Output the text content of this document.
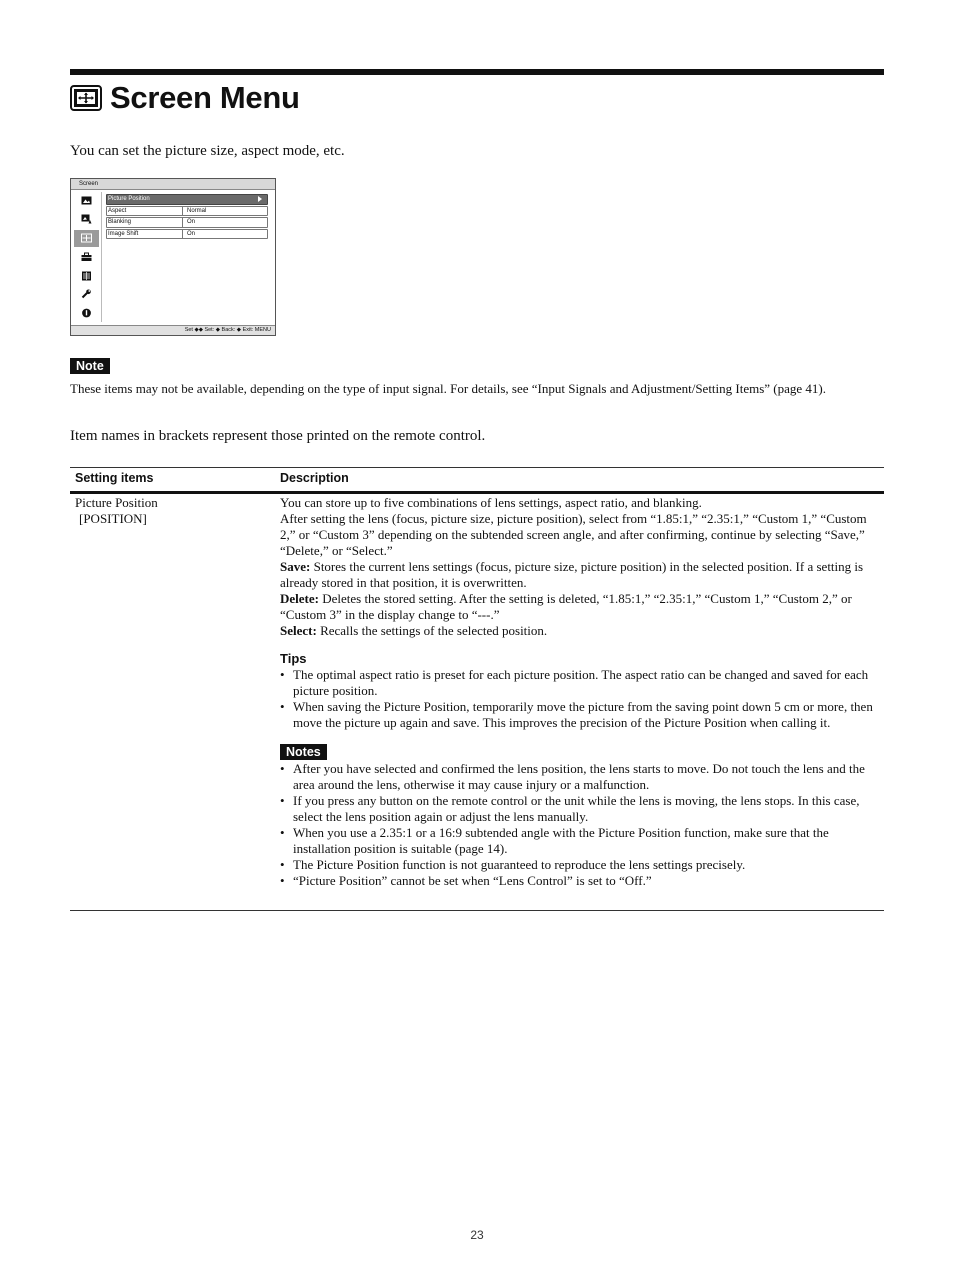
Screen Menu
You can set the picture size, aspect mode, etc.
Screen
Picture Position
Aspect	Normal
Blanking	On
Image Shift	On
Set ◆◆ Set: ◆ Back: ◆ Exit: MENU
Note
These items may not be available, depending on the type of input signal. For details, see “Input Signals and Adjustment/Setting Items” (page 41).
Item names in brackets represent those printed on the remote control.
Setting items	Description
Picture Position
[POSITION]

You can store up to five combinations of lens settings, aspect ratio, and blanking.

After setting the lens (focus, picture size, picture position), select from “1.85:1,” “2.35:1,” “Custom 1,” “Custom 2,” or “Custom 3” depending on the subtended screen angle, and after confirming, continue by selecting “Save,” “Delete,” or “Select.”

Save: Stores the current lens settings (focus, picture size, picture position) in the selected position. If a setting is already stored in that position, it is overwritten.

Delete: Deletes the stored setting. After the setting is deleted, “1.85:1,” “2.35:1,” “Custom 1,” “Custom 2,” or “Custom 3” in the display change to “---.”

Select: Recalls the settings of the selected position.

Tips
• The optimal aspect ratio is preset for each picture position. The aspect ratio can be changed and saved for each picture position.
• When saving the Picture Position, temporarily move the picture from the saving point down 5 cm or more, then move the picture up again and save. This improves the precision of the Picture Position when calling it.
Notes
• After you have selected and confirmed the lens position, the lens starts to move. Do not touch the lens and the area around the lens, otherwise it may cause injury or a malfunction.
• If you press any button on the remote control or the unit while the lens is moving, the lens stops. In this case, select the lens position again or adjust the lens manually.
• When you use a 2.35:1 or a 16:9 subtended angle with the Picture Position function, make sure that the installation position is suitable (page 14).
• The Picture Position function is not guaranteed to reproduce the lens settings precisely.
• “Picture Position” cannot be set when “Lens Control” is set to “Off.”
23
